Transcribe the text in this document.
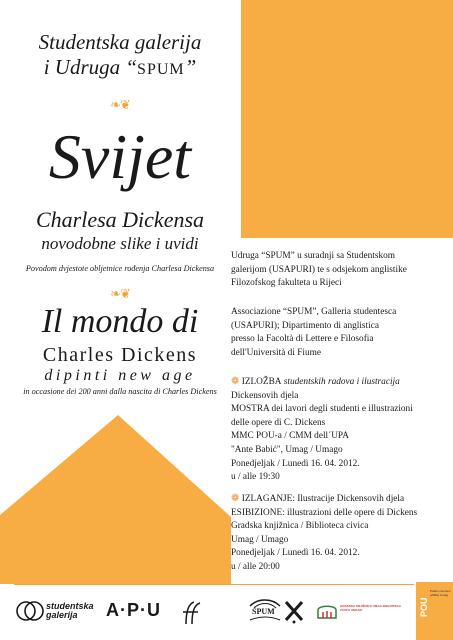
Studentska galerija
i Udruga “SPUM”
❧❦
Svijet
Charlesa Dickensa
novodobne slike i uvidi
Povodom dvjestote obljetnice rođenja Charlesa Dickensa
❧❦
Il mondo di
Charles Dickens
dipinti new age
in occasione dei 200 anni dalla nascita di Charles Dickens
Udruga “SPUM” u suradnji sa Studentskom
galerijom (USAPURI) te s odsjekom anglistike
Filozofskog fakulteta u Rijeci
Associazione “SPUM”, Galleria studentesca
(USAPURI); Dipartimento di anglistica
presso la Facoltà di Lettere e Filosofia
dell'Università di Fiume
❁ IZLOŽBA studentskih radova i ilustracija
Dickensovih djela
MOSTRA dei lavori degli studenti e illustrazioni
delle opere di C. Dickens
MMC POU-a / CMM dell´UPA
"Ante Babić", Umag / Umago
Ponedjeljak / Lunedì 16. 04. 2012.
u / alle 19:30
❁ IZLAGANJE: Ilustracije Dickensovih djela
ESIBIZIONE: illustrazioni delle opere di Dickens
Gradska knjižnica / Biblioteca civica
Umag / Umago
Ponedjeljak / Lunedì 16. 04. 2012.
u / alle 20:00
studentska
galerija	A·P·U	SPUM
GRADSKA KNJIŽNICA UMAG BIBLIOTECA CIVICA UMAGO	POU
Pučko otvoreno učilište Umag
